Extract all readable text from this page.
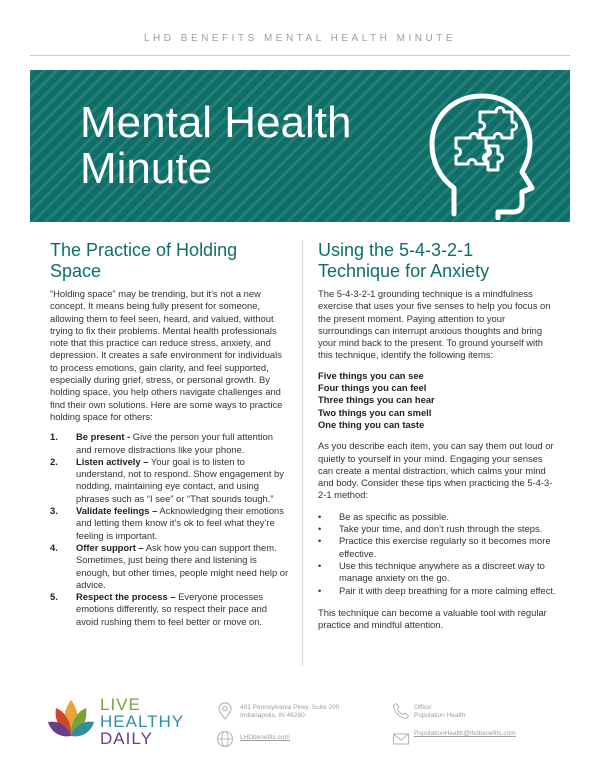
LHD BENEFITS MENTAL HEALTH MINUTE
Mental Health
Minute
The Practice of Holding
Space

“Holding space” may be trending, but it’s not a new concept. It means being fully present for someone, allowing them to feel seen, heard, and valued, without trying to fix their problems. Mental health professionals note that this practice can reduce stress, anxiety, and depression. It creates a safe environment for individuals to process emotions, gain clarity, and feel supported, especially during grief, stress, or personal growth. By holding space, you help others navigate challenges and find their own solutions. Here are some ways to practice holding space for others:

1. Be present - Give the person your full attention and remove distractions like your phone.
2. Listen actively – Your goal is to listen to understand, not to respond. Show engagement by nodding, maintaining eye contact, and using phrases such as “I see” or “That sounds tough.”
3. Validate feelings – Acknowledging their emotions and letting them know it’s ok to feel what they’re feeling is important.
4. Offer support – Ask how you can support them. Sometimes, just being there and listening is enough, but other times, people might need help or advice.
5. Respect the process – Everyone processes emotions differently, so respect their pace and avoid rushing them to feel better or move on.
Using the 5-4-3-2-1
Technique for Anxiety

The 5-4-3-2-1 grounding technique is a mindfulness exercise that uses your five senses to help you focus on the present moment. Paying attention to your surroundings can interrupt anxious thoughts and bring your mind back to the present. To ground yourself with this technique, identify the following items:

Five things you can see
Four things you can feel
Three things you can hear
Two things you can smell
One thing you can taste

As you describe each item, you can say them out loud or quietly to yourself in your mind. Engaging your senses can create a mental distraction, which calms your mind and body. Consider these tips when practicing the 5-4-3-2-1 method:

• Be as specific as possible.
• Take your time, and don’t rush through the steps.
• Practice this exercise regularly so it becomes more effective.
• Use this technique anywhere as a discreet way to manage anxiety on the go.
• Pair it with deep breathing for a more calming effect.

This technique can become a valuable tool with regular practice and mindful attention.

LIVE
HEALTHY
DAILY
401 Pennsylvania Pkwy, Suite 200
Indianapolis, IN 46280
LHDbenefits.com
Office:
Population Health
PopulationHealth@lhdbenefits.com
